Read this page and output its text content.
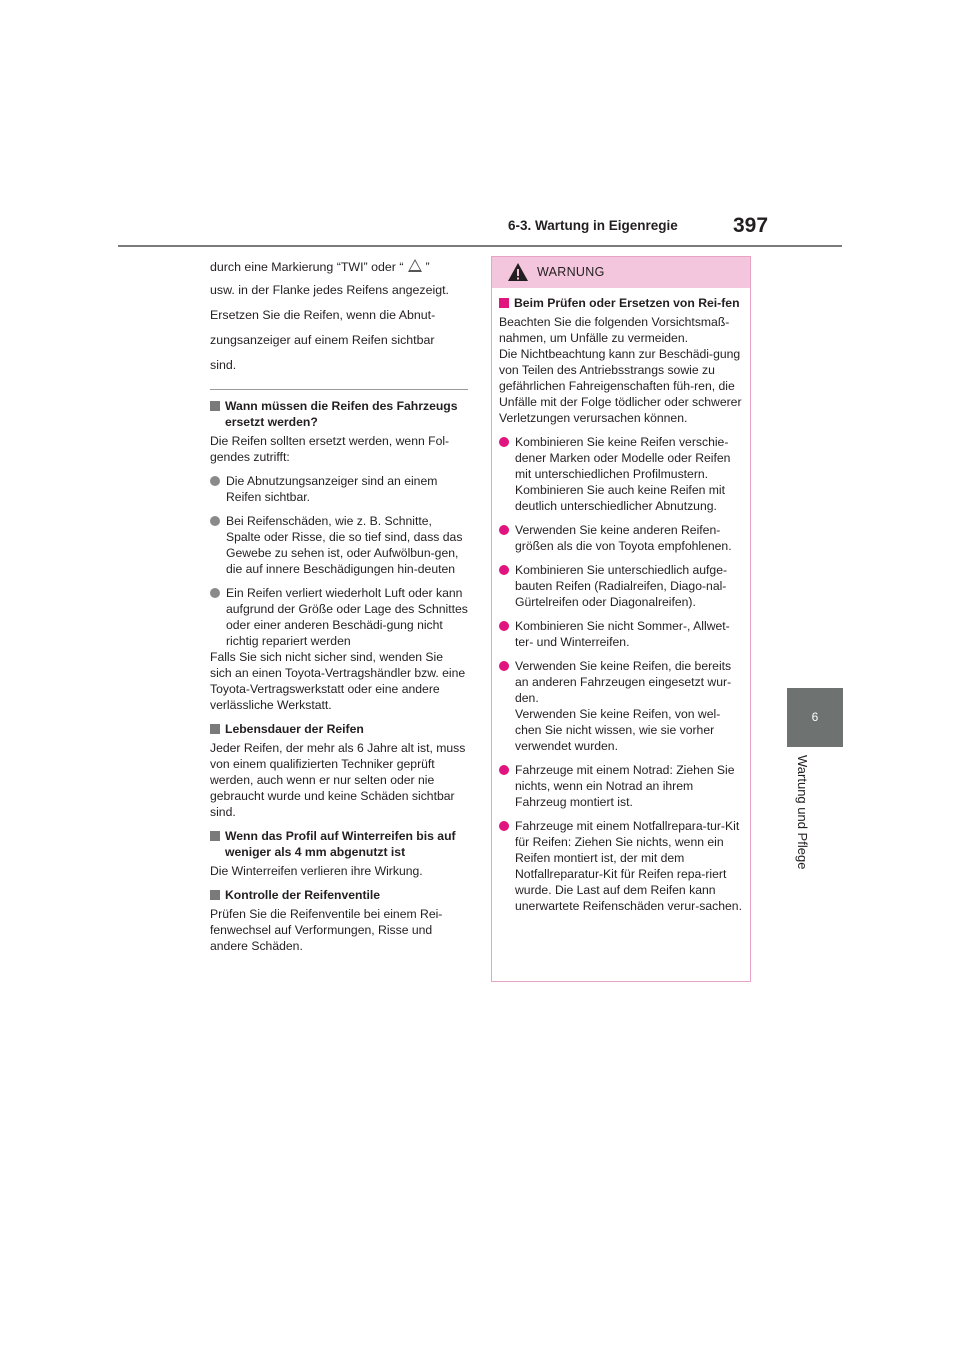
6-3. Wartung in Eigenregie	397
6
Wartung und Pflege

durch eine Markierung “TWI” oder “ ”

usw. in der Flanke jedes Reifens angezeigt.

Ersetzen Sie die Reifen, wenn die Abnut-

zungsanzeiger auf einem Reifen sichtbar

sind.

Wann müssen die Reifen des Fahrzeugs ersetzt werden?
Die Reifen sollten ersetzt werden, wenn Fol-gendes zutrifft:
Die Abnutzungsanzeiger sind an einem Reifen sichtbar.
Bei Reifenschäden, wie z. B. Schnitte, Spalte oder Risse, die so tief sind, dass das Gewebe zu sehen ist, oder Aufwölbun-gen, die auf innere Beschädigungen hin-deuten
Ein Reifen verliert wiederholt Luft oder kann aufgrund der Größe oder Lage des Schnittes oder einer anderen Beschädi-gung nicht richtig repariert werden
Falls Sie sich nicht sicher sind, wenden Sie sich an einen Toyota-Vertragshändler bzw. eine Toyota-Vertragswerkstatt oder eine andere verlässliche Werkstatt.
Lebensdauer der Reifen
Jeder Reifen, der mehr als 6 Jahre alt ist, muss von einem qualifizierten Techniker geprüft werden, auch wenn er nur selten oder nie gebraucht wurde und keine Schäden sichtbar sind.
Wenn das Profil auf Winterreifen bis auf weniger als 4 mm abgenutzt ist
Die Winterreifen verlieren ihre Wirkung.
Kontrolle der Reifenventile
Prüfen Sie die Reifenventile bei einem Rei-fenwechsel auf Verformungen, Risse und andere Schäden.
WARNUNG
Beim Prüfen oder Ersetzen von Rei-fen
Beachten Sie die folgenden Vorsichtsmaß-nahmen, um Unfälle zu vermeiden.
Die Nichtbeachtung kann zur Beschädi-gung von Teilen des Antriebsstrangs sowie zu gefährlichen Fahreigenschaften füh-ren, die Unfälle mit der Folge tödlicher oder schwerer Verletzungen verursachen können.
Kombinieren Sie keine Reifen verschie-dener Marken oder Modelle oder Reifen mit unterschiedlichen Profilmustern. Kombinieren Sie auch keine Reifen mit deutlich unterschiedlicher Abnutzung.
Verwenden Sie keine anderen Reifen-größen als die von Toyota empfohlenen.
Kombinieren Sie unterschiedlich aufge-bauten Reifen (Radialreifen, Diago-nal-Gürtelreifen oder Diagonalreifen).
Kombinieren Sie nicht Sommer-, Allwet-ter- und Winterreifen.
Verwenden Sie keine Reifen, die bereits an anderen Fahrzeugen eingesetzt wur-den.
Verwenden Sie keine Reifen, von wel-chen Sie nicht wissen, wie sie vorher verwendet wurden.
Fahrzeuge mit einem Notrad: Ziehen Sie nichts, wenn ein Notrad an ihrem Fahrzeug montiert ist.
Fahrzeuge mit einem Notfallrepara-tur-Kit für Reifen: Ziehen Sie nichts, wenn ein Reifen montiert ist, der mit dem Notfallreparatur-Kit für Reifen repa-riert wurde. Die Last auf dem Reifen kann unerwartete Reifenschäden verur-sachen.
